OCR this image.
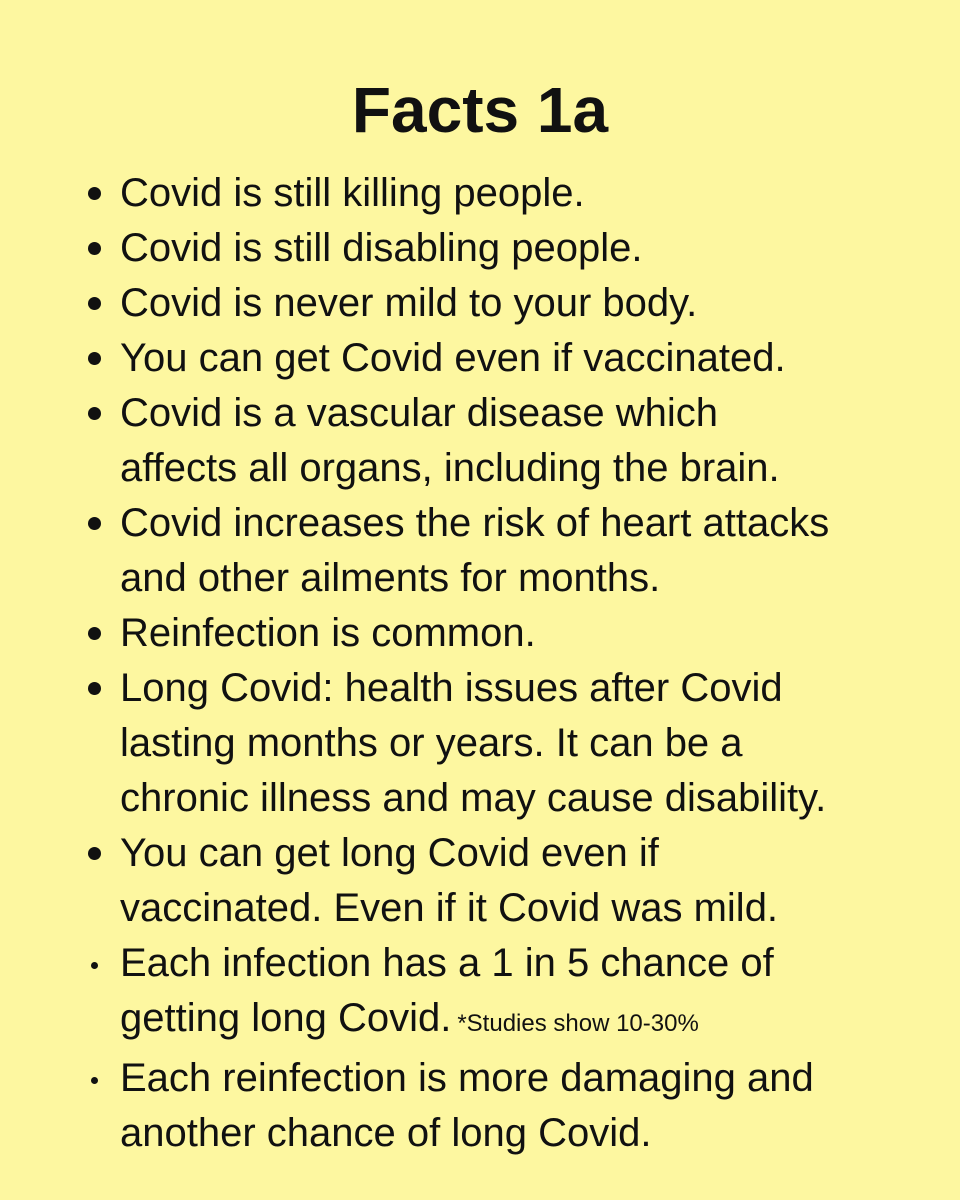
Facts 1a
Covid is still killing people.
Covid is still disabling people.
Covid is never mild to your body.
You can get Covid even if vaccinated.
Covid is a vascular disease which
affects all organs, including the brain.
Covid increases the risk of heart attacks
and other ailments for months.
Reinfection is common.
Long Covid: health issues after Covid
lasting months or years. It can be a
chronic illness and may cause disability.
You can get long Covid even if
vaccinated. Even if it Covid was mild.
Each infection has a 1 in 5 chance of
getting long Covid. *Studies show 10-30%
Each reinfection is more damaging and
another chance of long Covid.
